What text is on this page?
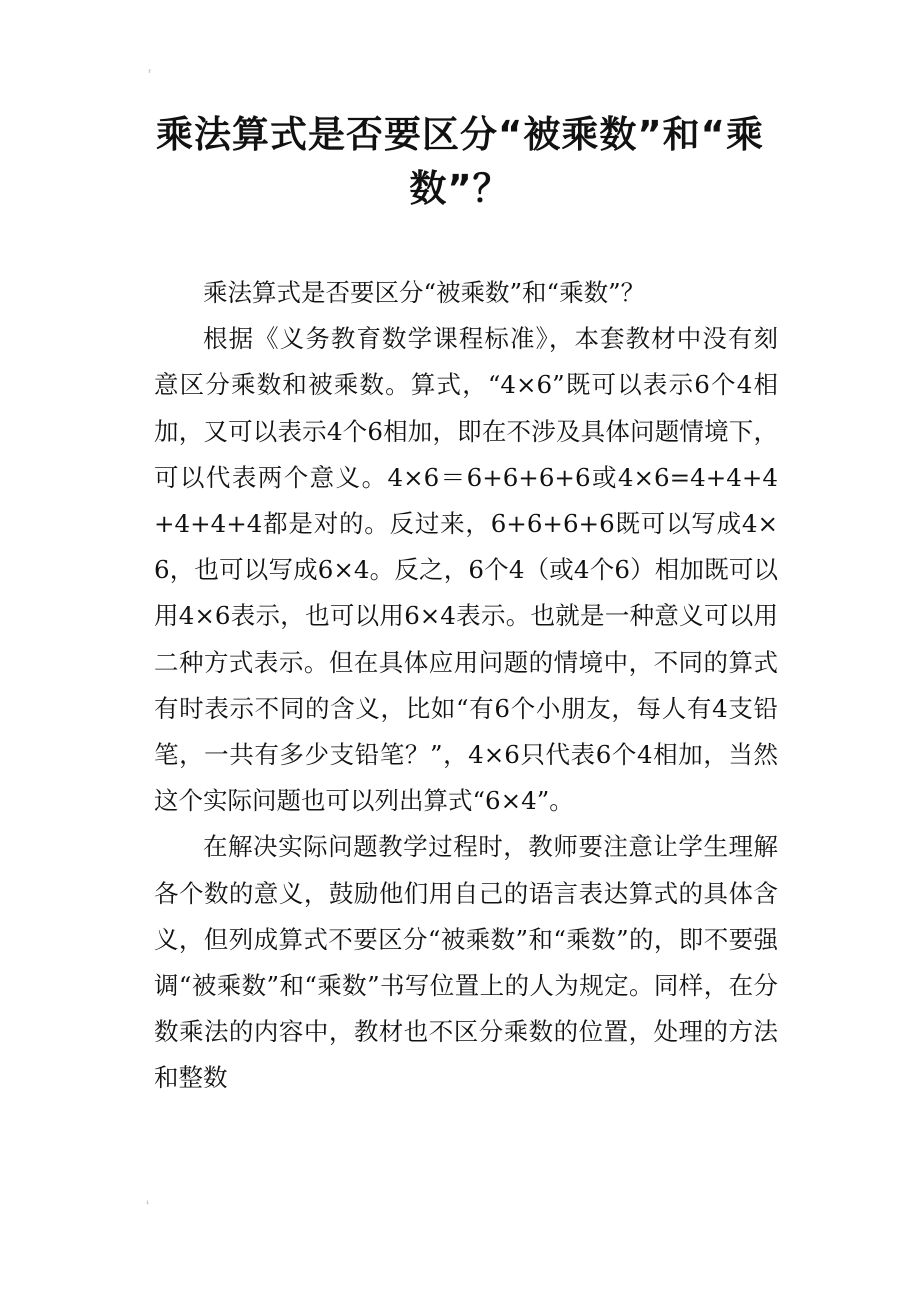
⸢
乘法算式是否要区分“被乘数”和“乘数”？

乘法算式是否要区分“被乘数”和“乘数”？

根据《义务教育数学课程标准》，本套教材中没有刻意区分乘数和被乘数。算式，“4×6”既可以表示6个4相加，又可以表示4个6相加，即在不涉及具体问题情境下，可以代表两个意义。4×6＝6+6+6+6或4×6=4+4+4+4+4+4都是对的。反过来，6+6+6+6既可以写成4×6，也可以写成6×4。反之，6个4（或4个6）相加既可以用4×6表示，也可以用6×4表示。也就是一种意义可以用二种方式表示。但在具体应用问题的情境中，不同的算式有时表示不同的含义，比如“有6个小朋友，每人有4支铅笔，一共有多少支铅笔？”，4×6只代表6个4相加，当然这个实际问题也可以列出算式“6×4”。

在解决实际问题教学过程时，教师要注意让学生理解各个数的意义，鼓励他们用自己的语言表达算式的具体含义，但列成算式不要区分“被乘数”和“乘数”的，即不要强调“被乘数”和“乘数”书写位置上的人为规定。同样，在分数乘法的内容中，教材也不区分乘数的位置，处理的方法和整数

⸤
